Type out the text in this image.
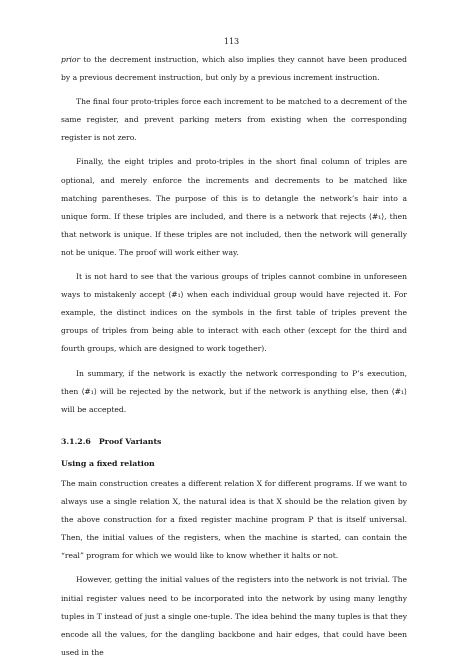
113

prior to the decrement instruction, which also implies they cannot have been produced by a previous decrement instruction, but only by a previous increment instruction.

The final four proto-triples force each increment to be matched to a decrement of the same register, and prevent parking meters from existing when the corresponding register is not zero.

Finally, the eight triples and proto-triples in the short final column of triples are optional, and merely enforce the increments and decrements to be matched like matching parentheses. The purpose of this is to detangle the network’s hair into a unique form. If these triples are included, and there is a network that rejects ⟨#₁⟩, then that network is unique. If these triples are not included, then the network will generally not be unique. The proof will work either way.

It is not hard to see that the various groups of triples cannot combine in unforeseen ways to mistakenly accept ⟨#₁⟩ when each individual group would have rejected it. For example, the distinct indices on the symbols in the first table of triples prevent the groups of triples from being able to interact with each other (except for the third and fourth groups, which are designed to work together).

In summary, if the network is exactly the network corresponding to P’s execution, then ⟨#₁⟩ will be rejected by the network, but if the network is anything else, then ⟨#₁⟩ will be accepted.

3.1.2.6 Proof Variants
Using a fixed relation

The main construction creates a different relation X for different programs. If we want to always use a single relation X, the natural idea is that X should be the relation given by the above construction for a fixed register machine program P that is itself universal. Then, the initial values of the registers, when the machine is started, can contain the “real” program for which we would like to know whether it halts or not.

However, getting the initial values of the registers into the network is not trivial. The initial register values need to be incorporated into the network by using many lengthy tuples in T instead of just a single one-tuple. The idea behind the many tuples is that they encode all the values, for the dangling backbone and hair edges, that could have been used in the
